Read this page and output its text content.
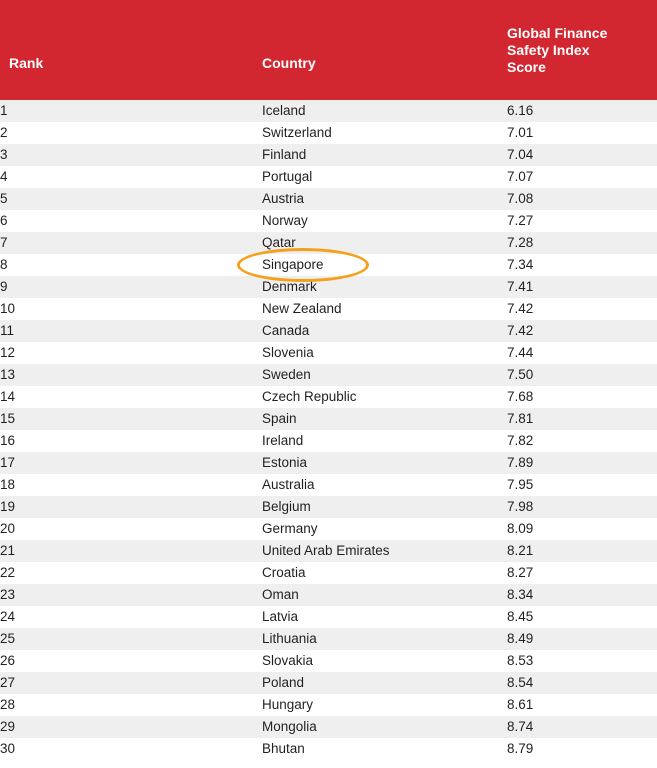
Rank	Country	Global Finance
Safety Index
Score

1	Iceland	6.16
2	Switzerland	7.01
3	Finland	7.04
4	Portugal	7.07
5	Austria	7.08
6	Norway	7.27
7	Qatar	7.28
8	Singapore	7.34
9	Denmark	7.41
10	New Zealand	7.42
11	Canada	7.42
12	Slovenia	7.44
13	Sweden	7.50
14	Czech Republic	7.68
15	Spain	7.81
16	Ireland	7.82
17	Estonia	7.89
18	Australia	7.95
19	Belgium	7.98
20	Germany	8.09
21	United Arab Emirates	8.21
22	Croatia	8.27
23	Oman	8.34
24	Latvia	8.45
25	Lithuania	8.49
26	Slovakia	8.53
27	Poland	8.54
28	Hungary	8.61
29	Mongolia	8.74
30	Bhutan	8.79
